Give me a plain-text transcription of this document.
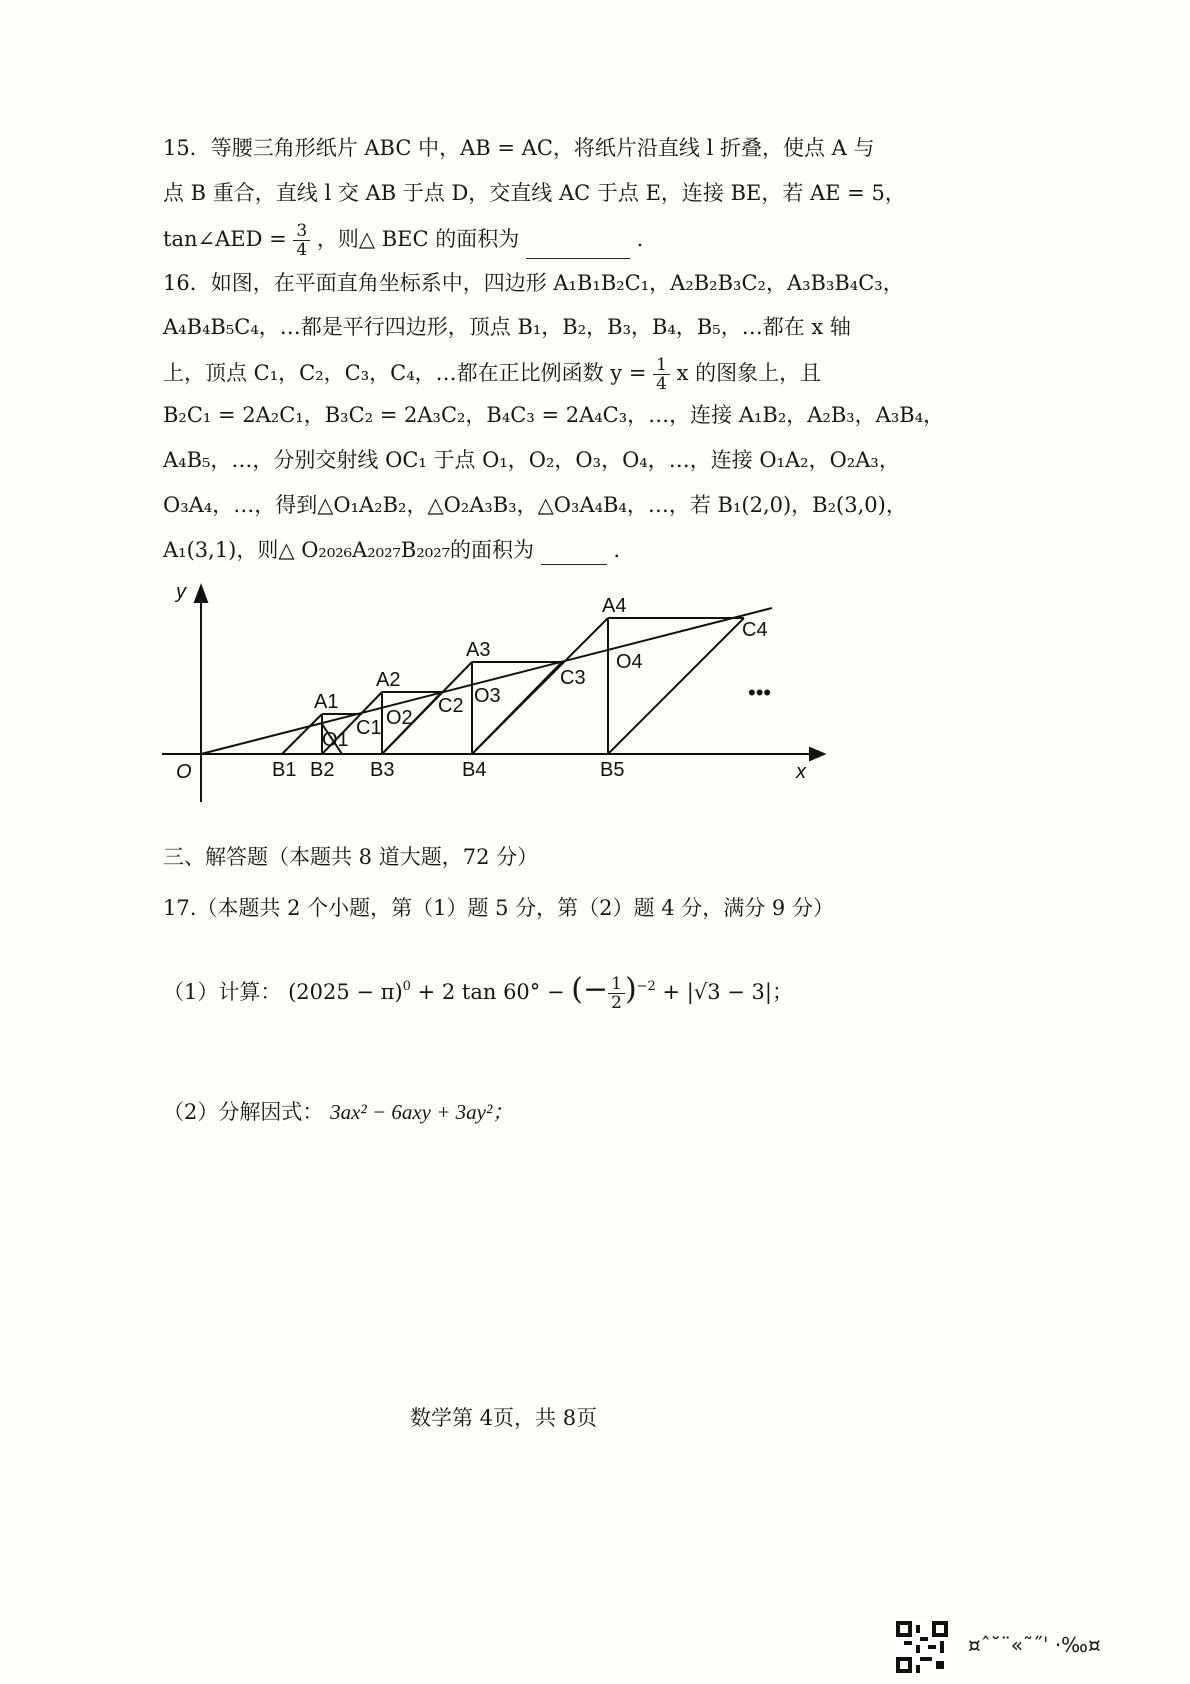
15．等腰三角形纸片 ABC 中，AB = AC，将纸片沿直线 l 折叠，使点 A 与
点 B 重合，直线 l 交 AB 于点 D，交直线 AC 于点 E，连接 BE，若 AE = 5，
tan∠AED = $\frac{3}{4}$ ，则△ BEC 的面积为	.
16．如图，在平面直角坐标系中，四边形 A₁B₁B₂C₁，A₂B₂B₃C₂，A₃B₃B₄C₃，
A₄B₄B₅C₄，…都是平行四边形，顶点 B₁，B₂，B₃，B₄，B₅，…都在 x 轴
上，顶点 C₁，C₂，C₃，C₄，…都在正比例函数 $y = \frac{1}{4}$ x 的图象上，且
B₂C₁ = 2A₂C₁，B₃C₂ = 2A₃C₂，B₄C₃ = 2A₄C₃，…，连接 A₁B₂，A₂B₃，A₃B₄，
A₄B₅，…，分别交射线 OC₁ 于点 O₁，O₂，O₃，O₄，…，连接 O₁A₂，O₂A₃，
O₃A₄，…，得到△O₁A₂B₂，△O₂A₃B₃，△O₃A₄B₄，…，若 B₁(2,0)，B₂(3,0)，
A₁(3,1)，则△ O₂₀₂₆A₂₀₂₇B₂₀₂₇的面积为	.
y
x
O
A1
A2
A3
A4
B1 B2 B3	B4	B5
C1
C2
C3
C4
O1
O2
O3
O4
•••
三、解答题（本题共 8 道大题，72 分）
17.（本题共 2 个小题，第（1）题 5 分，第（2）题 4 分，满分 9 分）
（1）计算： $(2025 - \pi)^0 + 2$ tan 60° − (− $\frac{1}{2} )^{-2} + |√3 - 3|$；
（2）分解因式： 3ax² − 6axy + 3ay²；
数学第 4页，共 8页
¤ˆ˘¨«˜˝ˈ ·‰¤
